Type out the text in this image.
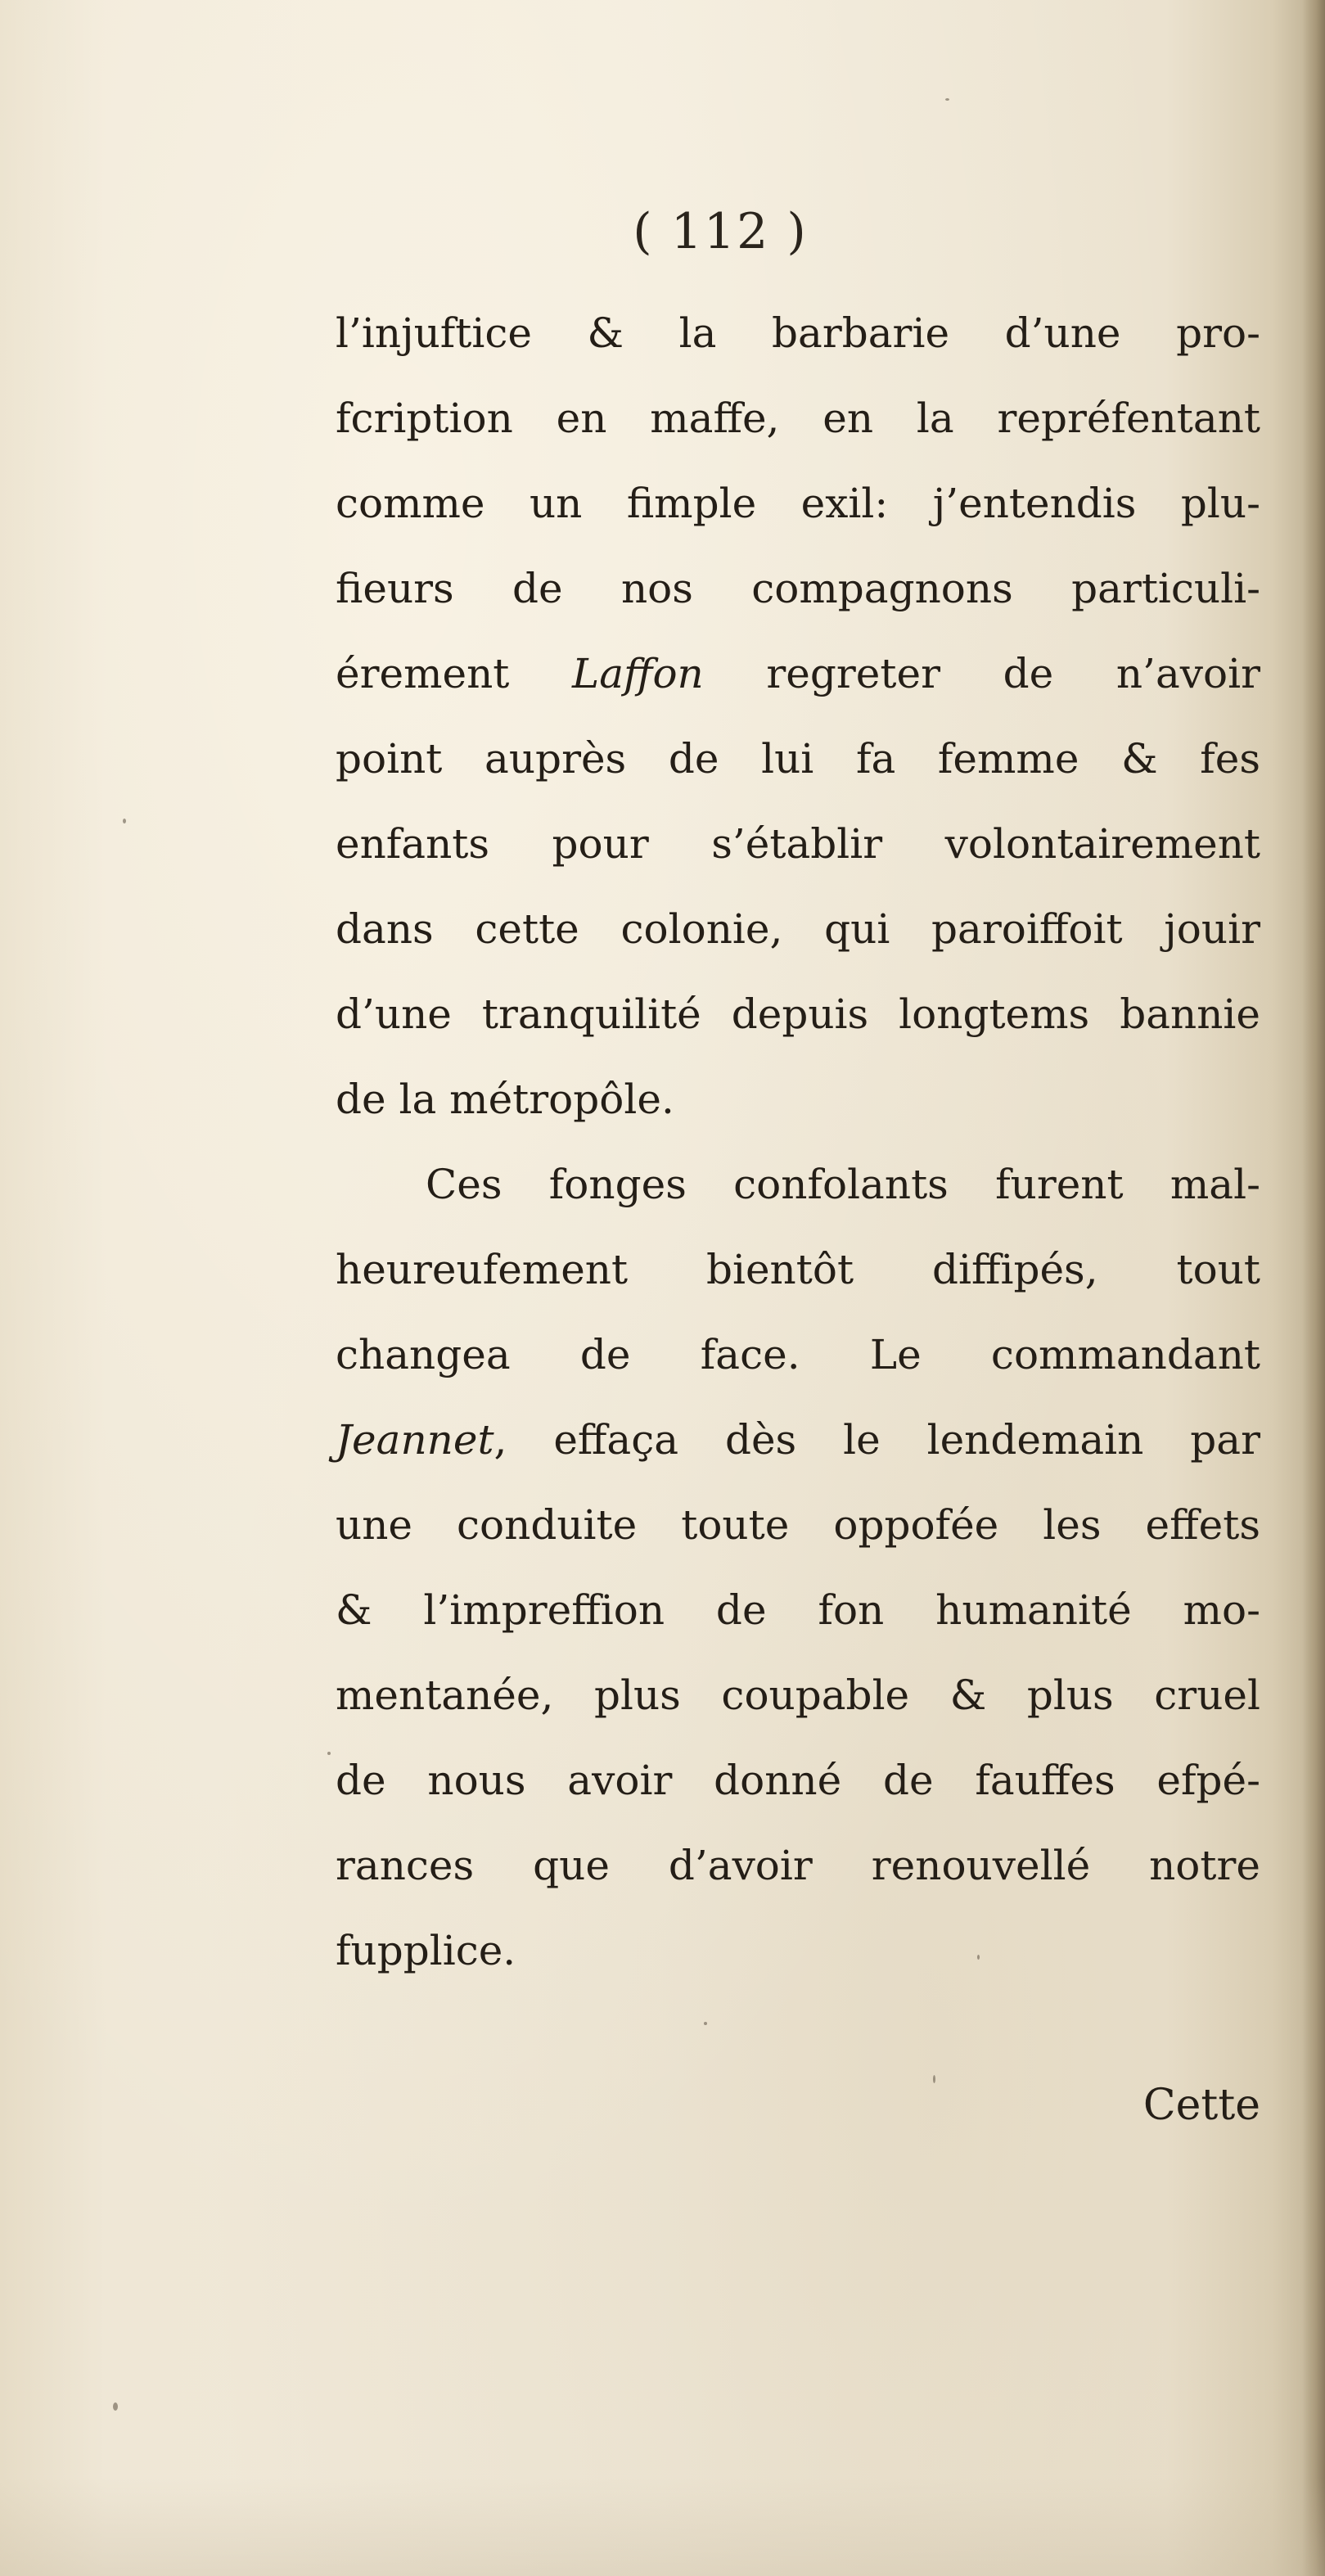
( 112 )
l’injuftice & la barbarie d’une pro-
fcription en maffe, en la repréfentant
comme un fimple exil: j’entendis plu-
fieurs de nos compagnons particuli-
érement Laffon regreter de n’avoir
point auprès de lui fa femme & fes
enfants pour s’établir volontairement
dans cette colonie, qui paroiffoit jouir
d’une tranquilité depuis longtems bannie
de la métropôle.
Ces fonges confolants furent mal-
heureufement bientôt diffipés, tout
changea de face. Le commandant
Jeannet, effaça dès le lendemain par
une conduite toute oppofée les effets
& l’impreffion de fon humanité mo-
mentanée, plus coupable & plus cruel
de nous avoir donné de fauffes efpé-
rances que d’avoir renouvellé notre
fupplice.
Cette
